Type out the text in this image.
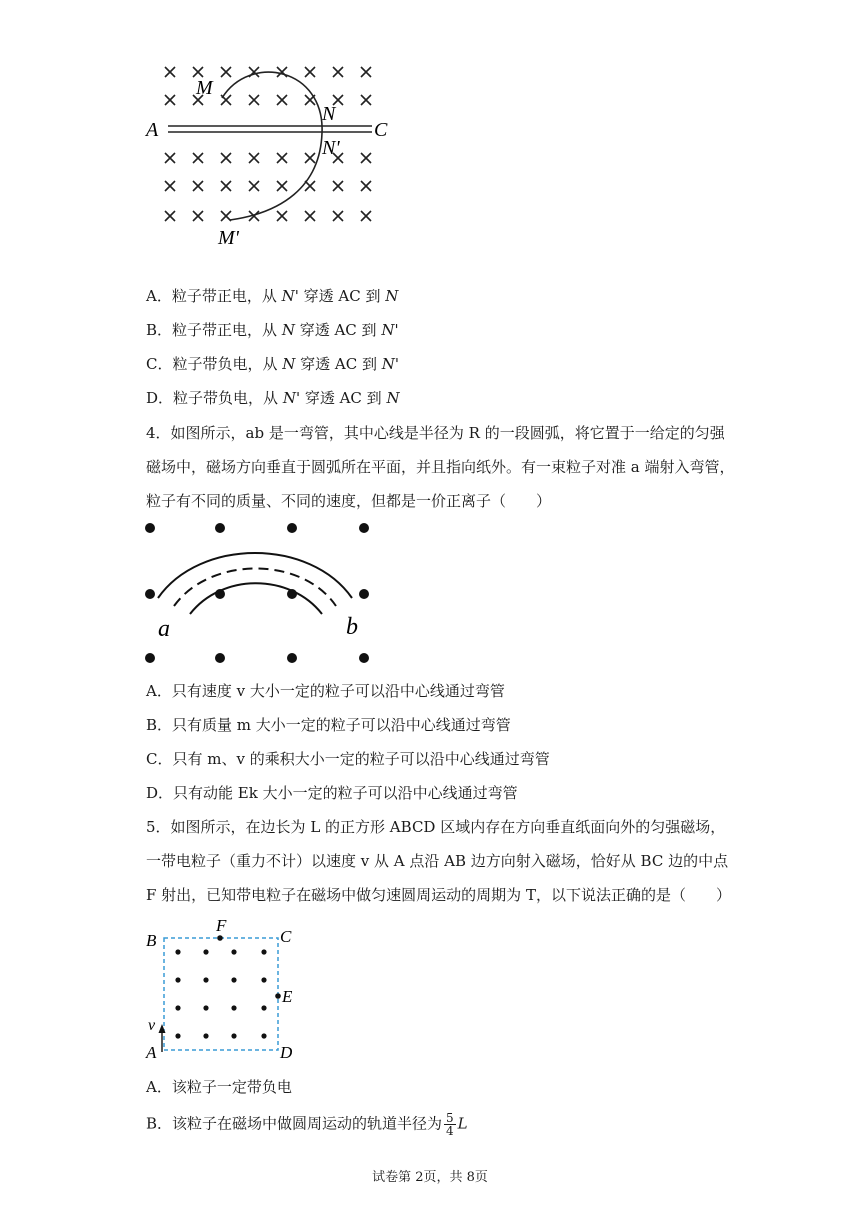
A	C
M
N
N'
M'
A．粒子带正电，从 N' 穿透 AC 到 N
B．粒子带正电，从 N 穿透 AC 到 N'
C．粒子带负电，从 N 穿透 AC 到 N'
D．粒子带负电，从 N' 穿透 AC 到 N
4．如图所示，ab 是一弯管，其中心线是半径为 R 的一段圆弧，将它置于一给定的匀强
磁场中，磁场方向垂直于圆弧所在平面，并且指向纸外。有一束粒子对准 a 端射入弯管，
粒子有不同的质量、不同的速度，但都是一价正离子（　　）
a	b
A．只有速度 v 大小一定的粒子可以沿中心线通过弯管
B．只有质量 m 大小一定的粒子可以沿中心线通过弯管
C．只有 m、v 的乘积大小一定的粒子可以沿中心线通过弯管
D．只有动能 Ek 大小一定的粒子可以沿中心线通过弯管
5．如图所示，在边长为 L 的正方形 ABCD 区域内存在方向垂直纸面向外的匀强磁场，
一带电粒子（重力不计）以速度 v 从 A 点沿 AB 边方向射入磁场，恰好从 BC 边的中点
F 射出，已知带电粒子在磁场中做匀速圆周运动的周期为 T，以下说法正确的是（　　）
B	C
F
E
A	D
v
A．该粒子一定带负电
B．该粒子在磁场中做圆周运动的轨道半径为 $\frac{5}{4}$ L
试卷第 2页，共 8页
